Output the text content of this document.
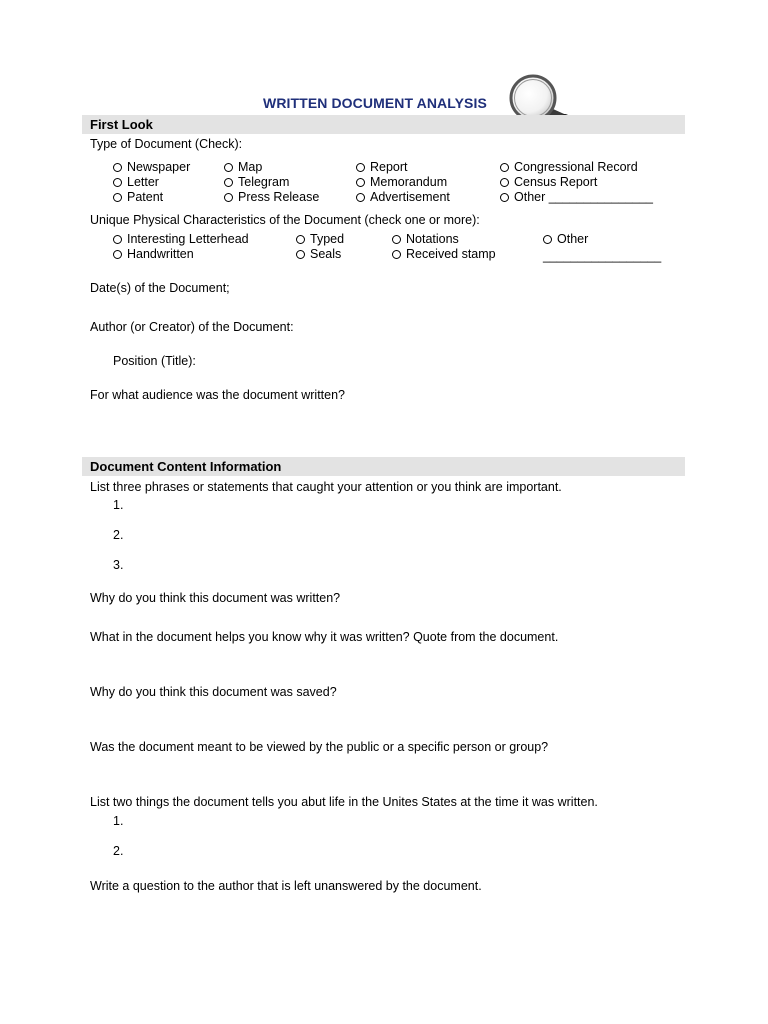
WRITTEN DOCUMENT ANALYSIS
First Look
Type of Document (Check):
Newspaper
Letter
Patent
Map
Telegram
Press Release
Report
Memorandum
Advertisement
Congressional Record
Census Report
Other _______________
Unique Physical Characteristics of the Document (check one or more):
Interesting Letterhead
Handwritten
Typed
Seals
Notations
Received stamp
Other
_________________
Date(s) of the Document;
Author (or Creator) of the Document:
Position (Title):
For what audience was the document written?
Document Content Information
List three phrases or statements that caught your attention or you think are important.
1.
2.
3.
Why do you think this document was written?
What in the document helps you know why it was written? Quote from the document.
Why do you think this document was saved?
Was the document meant to be viewed by the public or a specific person or group?
List two things the document tells you abut life in the Unites States at the time it was written.
1.
2.
Write a question to the author that is left unanswered by the document.
